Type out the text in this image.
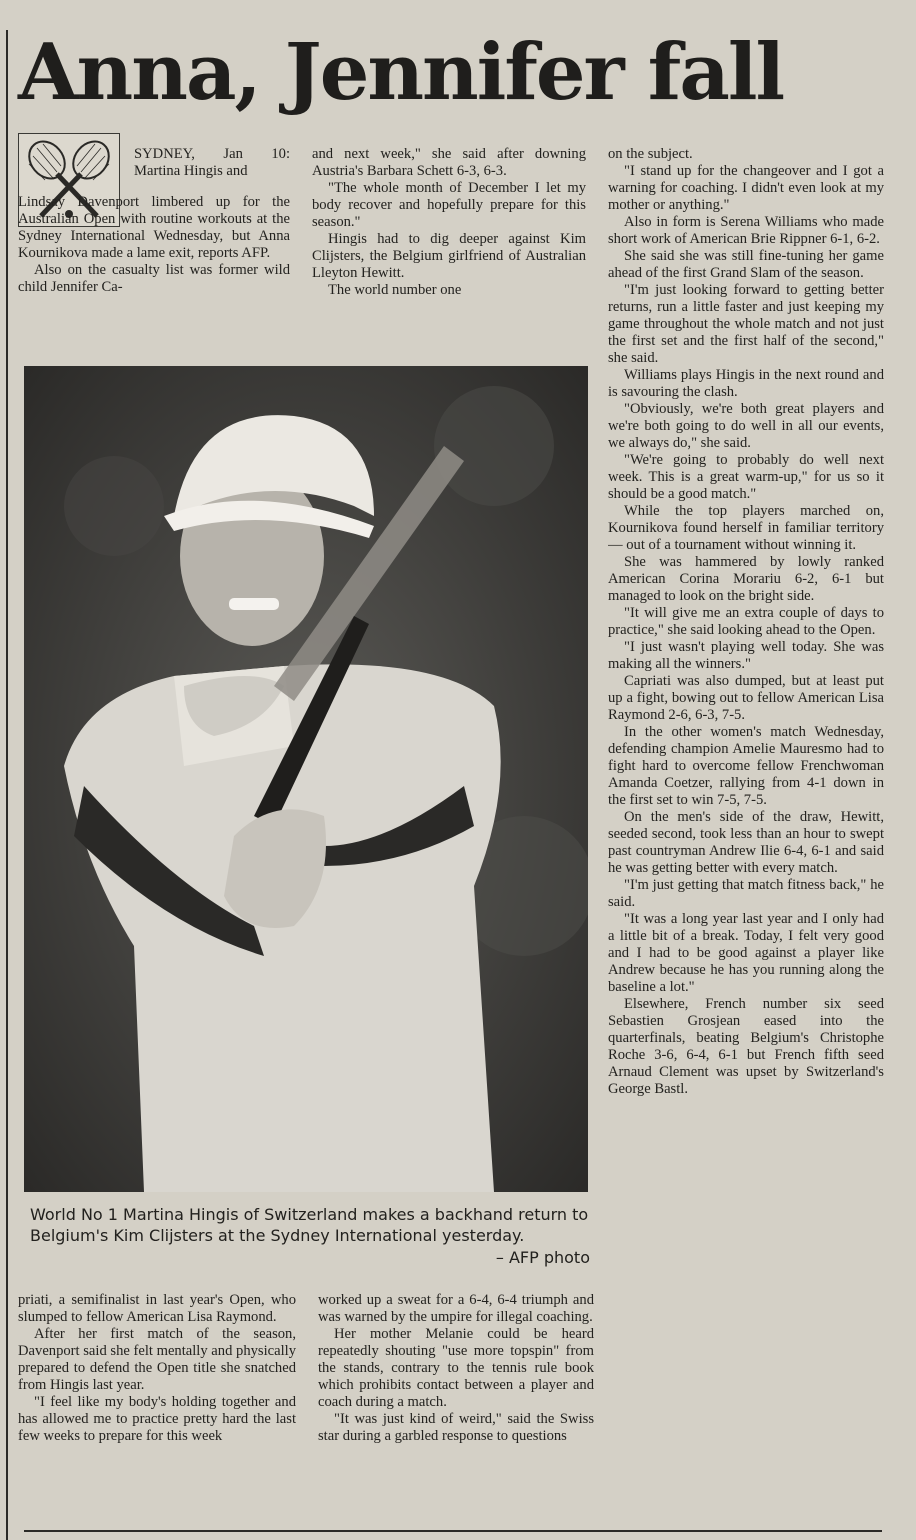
Anna, Jennifer fall

SYDNEY, Jan 10: Martina Hingis and

Lindsay Davenport limbered up for the Australian Open with routine workouts at the Sydney International Wednesday, but Anna Kournikova made a lame exit, reports AFP.

Also on the casualty list was former wild child Jennifer Ca-

and next week," she said after downing Austria's Barbara Schett 6-3, 6-3.

"The whole month of December I let my body recover and hopefully prepare for this season."

Hingis had to dig deeper against Kim Clijsters, the Belgium girlfriend of Australian Lleyton Hewitt.

The world number one

on the subject.

"I stand up for the changeover and I got a warning for coaching. I didn't even look at my mother or anything."

Also in form is Serena Williams who made short work of American Brie Rippner 6-1, 6-2.

She said she was still fine-tuning her game ahead of the first Grand Slam of the season.

"I'm just looking forward to getting better returns, run a little faster and just keeping my game throughout the whole match and not just the first set and the first half of the second," she said.

Williams plays Hingis in the next round and is savouring the clash.

"Obviously, we're both great players and we're both going to do well in all our events, we always do," she said.

"We're going to probably do well next week. This is a great warm-up," for us so it should be a good match."

While the top players marched on, Kournikova found herself in familiar territory — out of a tournament without winning it.

She was hammered by lowly ranked American Corina Morariu 6-2, 6-1 but managed to look on the bright side.

"It will give me an extra couple of days to practice," she said looking ahead to the Open.

"I just wasn't playing well today. She was making all the winners."

Capriati was also dumped, but at least put up a fight, bowing out to fellow American Lisa Raymond 2-6, 6-3, 7-5.

In the other women's match Wednesday, defending champion Amelie Mauresmo had to fight hard to overcome fellow Frenchwoman Amanda Coetzer, rallying from 4-1 down in the first set to win 7-5, 7-5.

On the men's side of the draw, Hewitt, seeded second, took less than an hour to swept past countryman Andrew Ilie 6-4, 6-1 and said he was getting better with every match.

"I'm just getting that match fitness back," he said.

"It was a long year last year and I only had a little bit of a break. Today, I felt very good and I had to be good against a player like Andrew because he has you running along the baseline a lot."

Elsewhere, French number six seed Sebastien Grosjean eased into the quarterfinals, beating Belgium's Christophe Roche 3-6, 6-4, 6-1 but French fifth seed Arnaud Clement was upset by Switzerland's George Bastl.

World No 1 Martina Hingis of Switzerland makes a backhand return to Belgium's Kim Clijsters at the Sydney International yesterday.
– AFP photo

priati, a semifinalist in last year's Open, who slumped to fellow American Lisa Raymond.

After her first match of the season, Davenport said she felt mentally and physically prepared to defend the Open title she snatched from Hingis last year.

"I feel like my body's holding together and has allowed me to practice pretty hard the last few weeks to prepare for this week

worked up a sweat for a 6-4, 6-4 triumph and was warned by the umpire for illegal coaching.

Her mother Melanie could be heard repeatedly shouting "use more topspin" from the stands, contrary to the tennis rule book which prohibits contact between a player and coach during a match.

"It was just kind of weird," said the Swiss star during a garbled response to questions
